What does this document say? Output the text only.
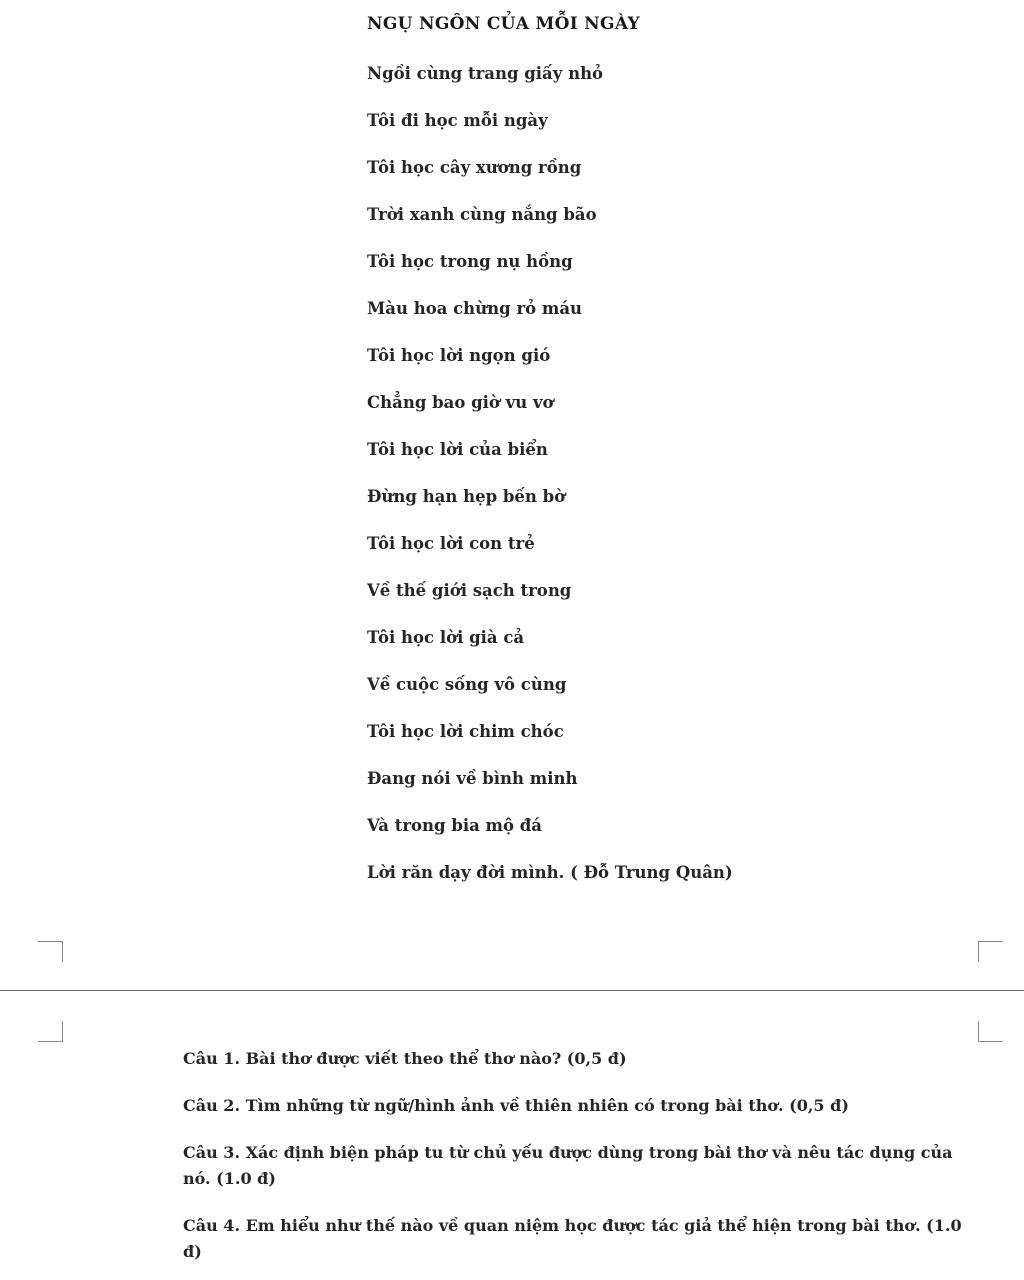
NGỤ NGÔN CỦA MỖI NGÀY
Ngồi cùng trang giấy nhỏ
Tôi đi học mỗi ngày
Tôi học cây xương rồng
Trời xanh cùng nắng bão
Tôi học trong nụ hồng
Màu hoa chừng rỏ máu
Tôi học lời ngọn gió
Chẳng bao giờ vu vơ
Tôi học lời của biển
Đừng hạn hẹp bến bờ
Tôi học lời con trẻ
Về thế giới sạch trong
Tôi học lời già cả
Về cuộc sống vô cùng
Tôi học lời chim chóc
Đang nói về bình minh
Và trong bia mộ đá
Lời răn dạy đời mình. ( Đỗ Trung Quân)
Câu 1. Bài thơ được viết theo thể thơ nào? (0,5 đ)
Câu 2. Tìm những từ ngữ/hình ảnh về thiên nhiên có trong bài thơ. (0,5 đ)
Câu 3. Xác định biện pháp tu từ chủ yếu được dùng trong bài thơ và nêu tác dụng của nó. (1.0 đ)
Câu 4. Em hiểu như thế nào về quan niệm học được tác giả thể hiện trong bài thơ. (1.0 đ)
